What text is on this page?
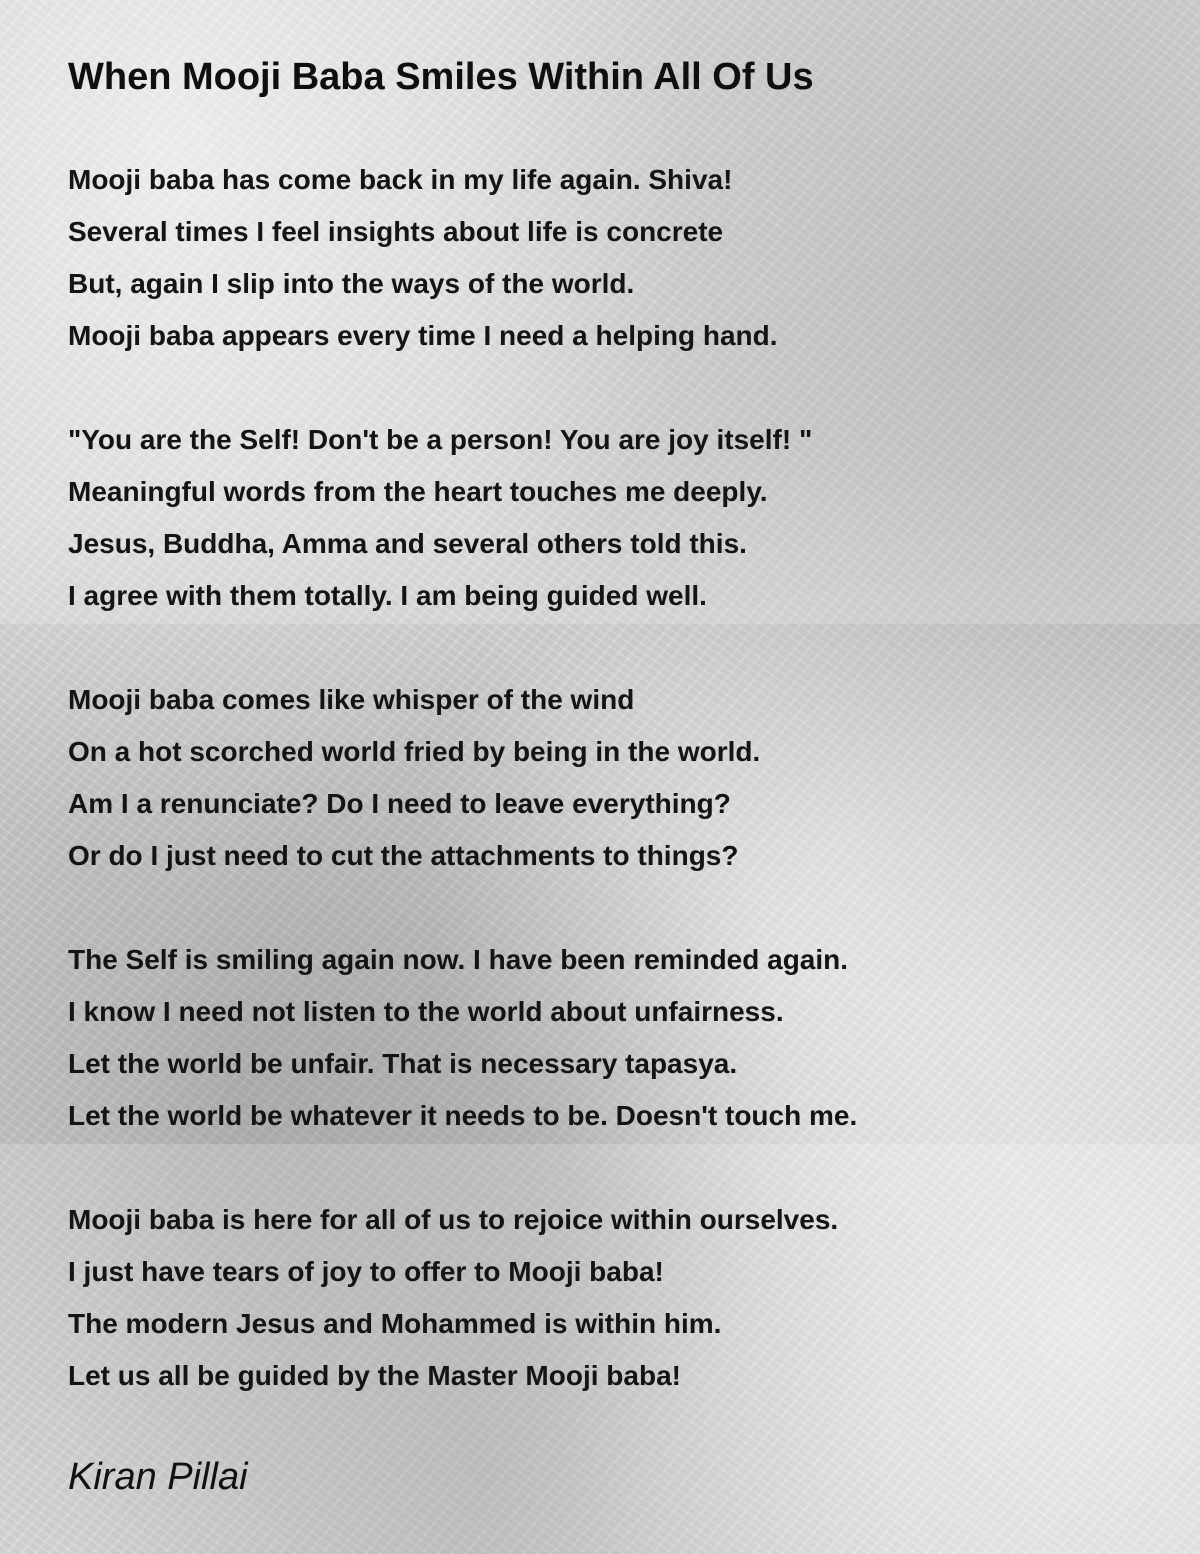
When Mooji Baba Smiles Within All Of Us

Mooji baba has come back in my life again. Shiva!
Several times I feel insights about life is concrete
But, again I slip into the ways of the world.
Mooji baba appears every time I need a helping hand.

"You are the Self! Don't be a person! You are joy itself! "
Meaningful words from the heart touches me deeply.
Jesus, Buddha, Amma and several others told this.
I agree with them totally. I am being guided well.

Mooji baba comes like whisper of the wind
On a hot scorched world fried by being in the world.
Am I a renunciate? Do I need to leave everything?
Or do I just need to cut the attachments to things?

The Self is smiling again now. I have been reminded again.
I know I need not listen to the world about unfairness.
Let the world be unfair. That is necessary tapasya.
Let the world be whatever it needs to be. Doesn't touch me.

Mooji baba is here for all of us to rejoice within ourselves.
I just have tears of joy to offer to Mooji baba!
The modern Jesus and Mohammed is within him.
Let us all be guided by the Master Mooji baba!

Kiran Pillai
